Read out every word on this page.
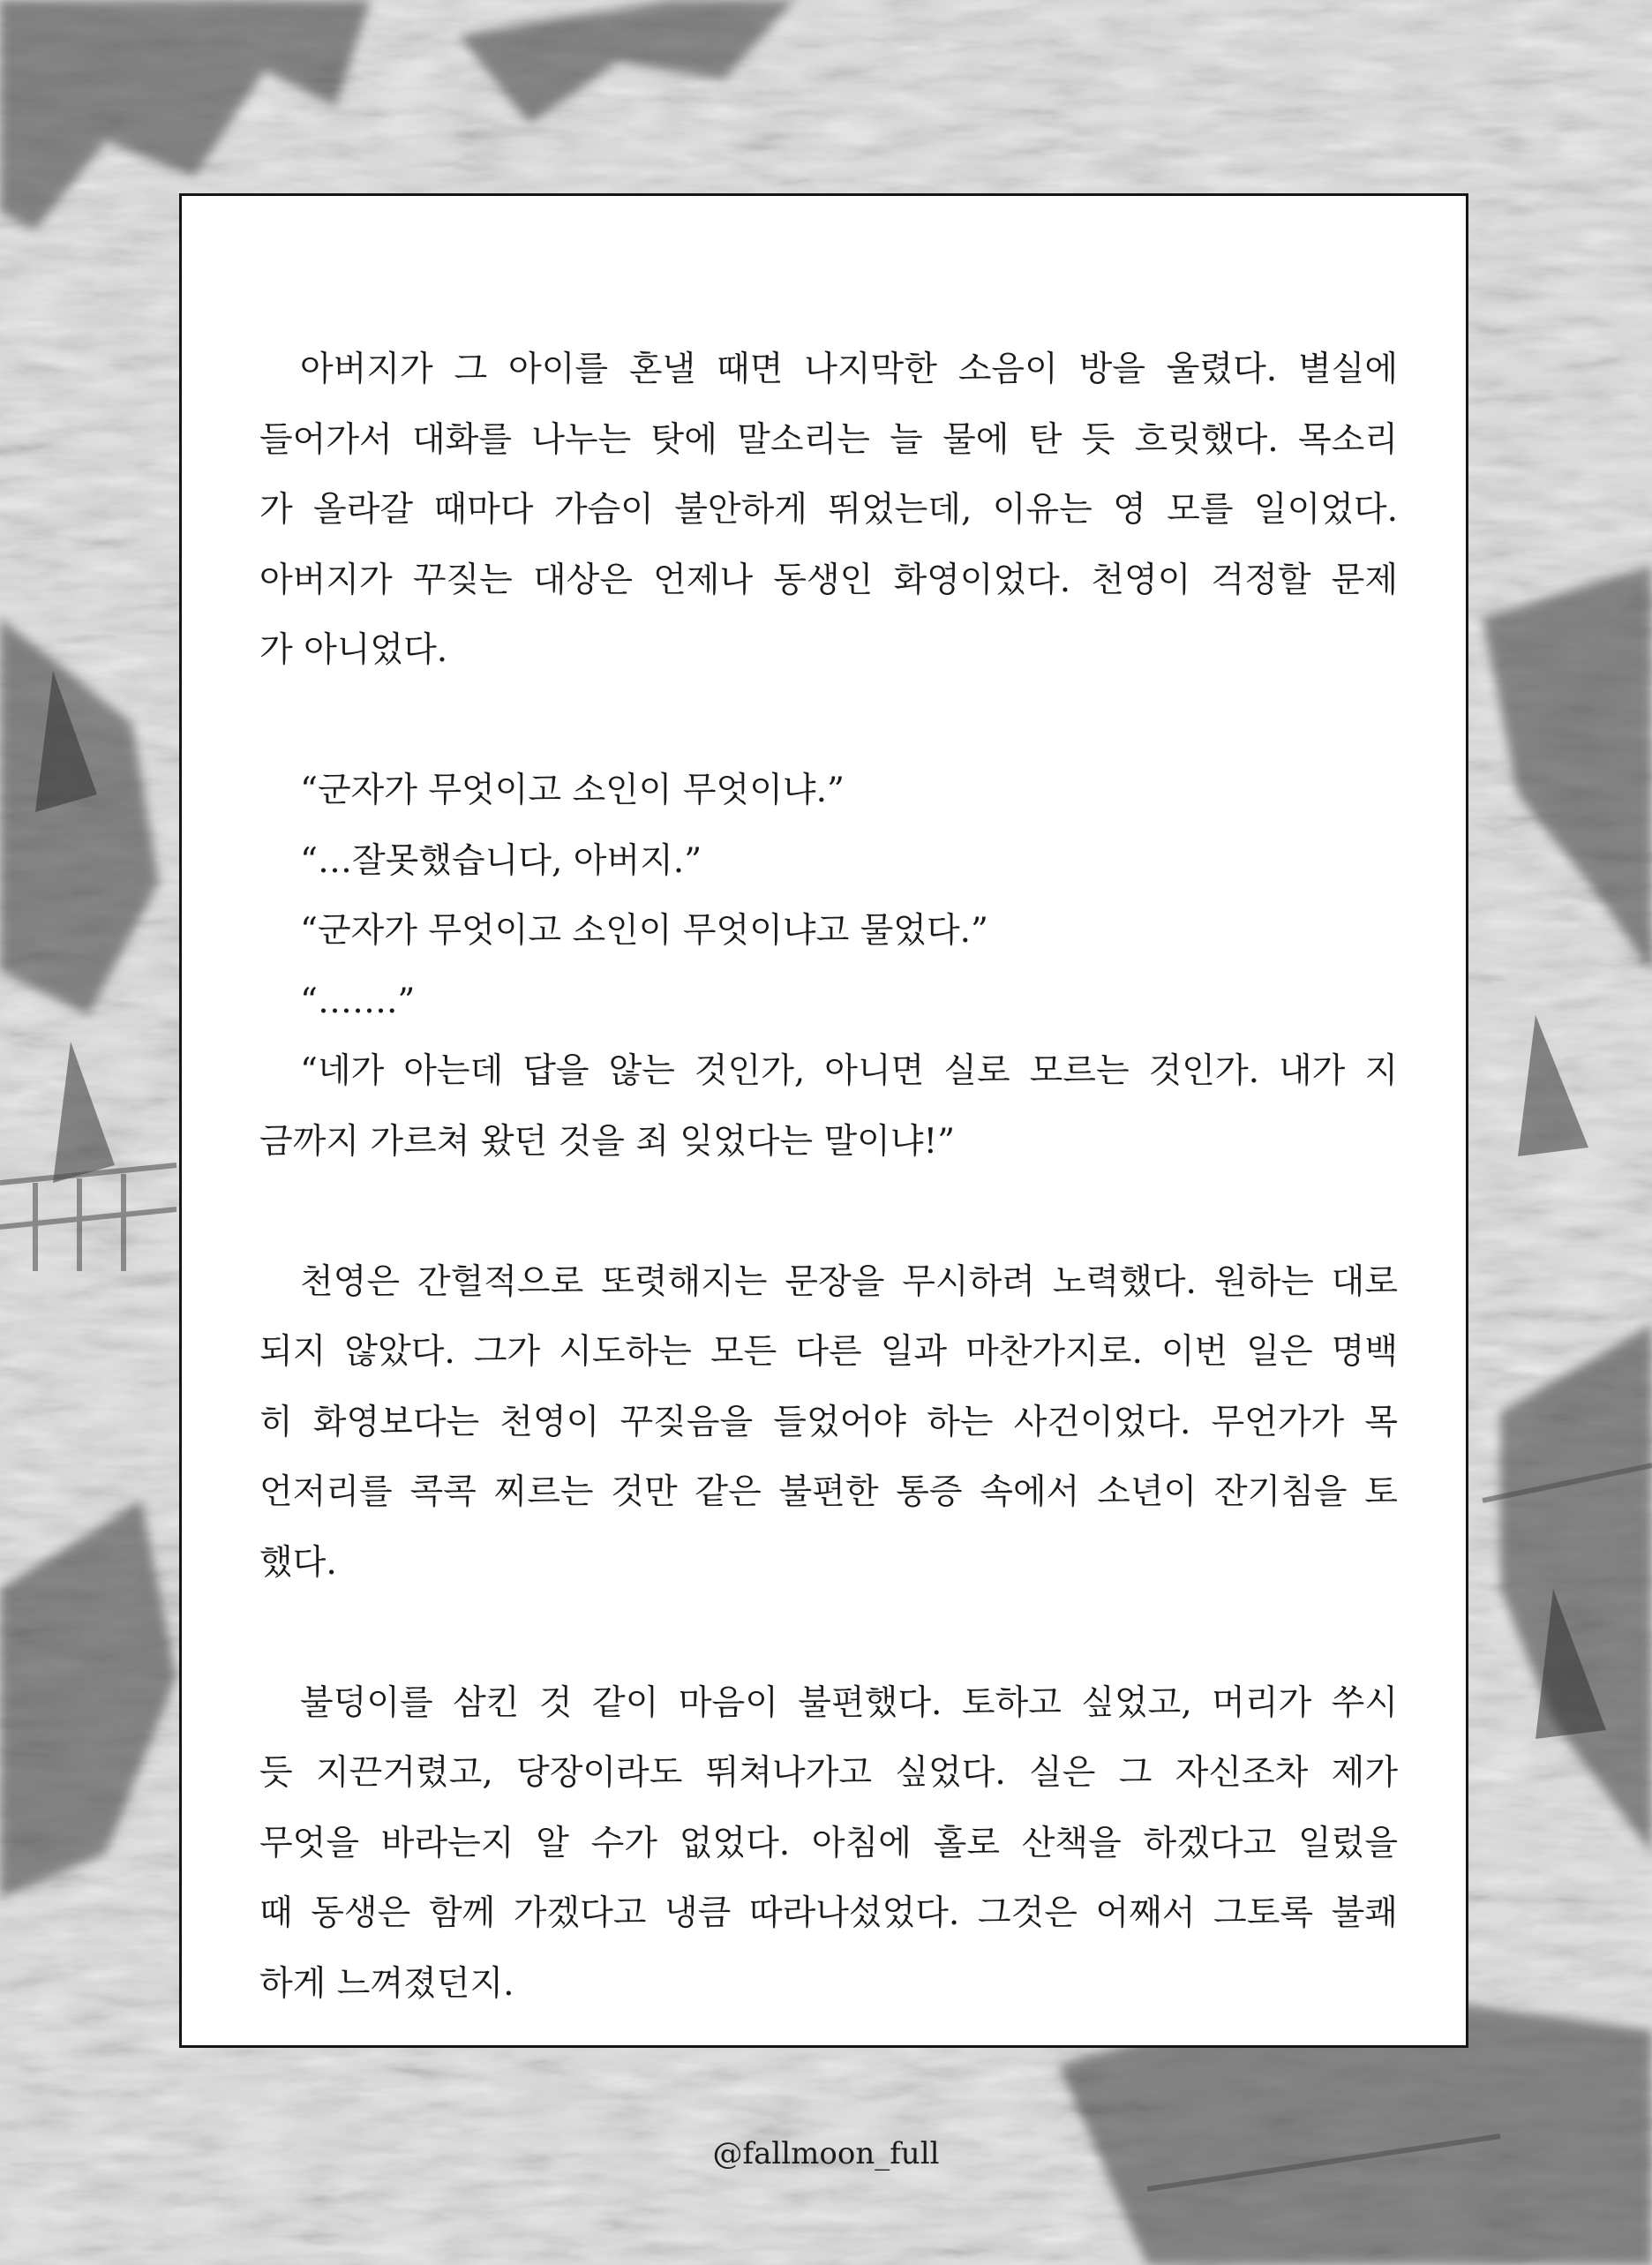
아버지가 그 아이를 혼낼 때면 나지막한 소음이 방을 울렸다. 별실에

들어가서 대화를 나누는 탓에 말소리는 늘 물에 탄 듯 흐릿했다. 목소리

가 올라갈 때마다 가슴이 불안하게 뛰었는데, 이유는 영 모를 일이었다.

아버지가 꾸짖는 대상은 언제나 동생인 화영이었다. 천영이 걱정할 문제

가 아니었다.

“군자가 무엇이고 소인이 무엇이냐.”

“…잘못했습니다, 아버지.”

“군자가 무엇이고 소인이 무엇이냐고 물었다.”

“…….”

“네가 아는데 답을 않는 것인가, 아니면 실로 모르는 것인가. 내가 지

금까지 가르쳐 왔던 것을 죄 잊었다는 말이냐!”

천영은 간헐적으로 또렷해지는 문장을 무시하려 노력했다. 원하는 대로

되지 않았다. 그가 시도하는 모든 다른 일과 마찬가지로. 이번 일은 명백

히 화영보다는 천영이 꾸짖음을 들었어야 하는 사건이었다. 무언가가 목

언저리를 콕콕 찌르는 것만 같은 불편한 통증 속에서 소년이 잔기침을 토

했다.

불덩이를 삼킨 것 같이 마음이 불편했다. 토하고 싶었고, 머리가 쑤시

듯 지끈거렸고, 당장이라도 뛰쳐나가고 싶었다. 실은 그 자신조차 제가

무엇을 바라는지 알 수가 없었다. 아침에 홀로 산책을 하겠다고 일렀을

때 동생은 함께 가겠다고 냉큼 따라나섰었다. 그것은 어째서 그토록 불쾌

하게 느껴졌던지.

@fallmoon_full
